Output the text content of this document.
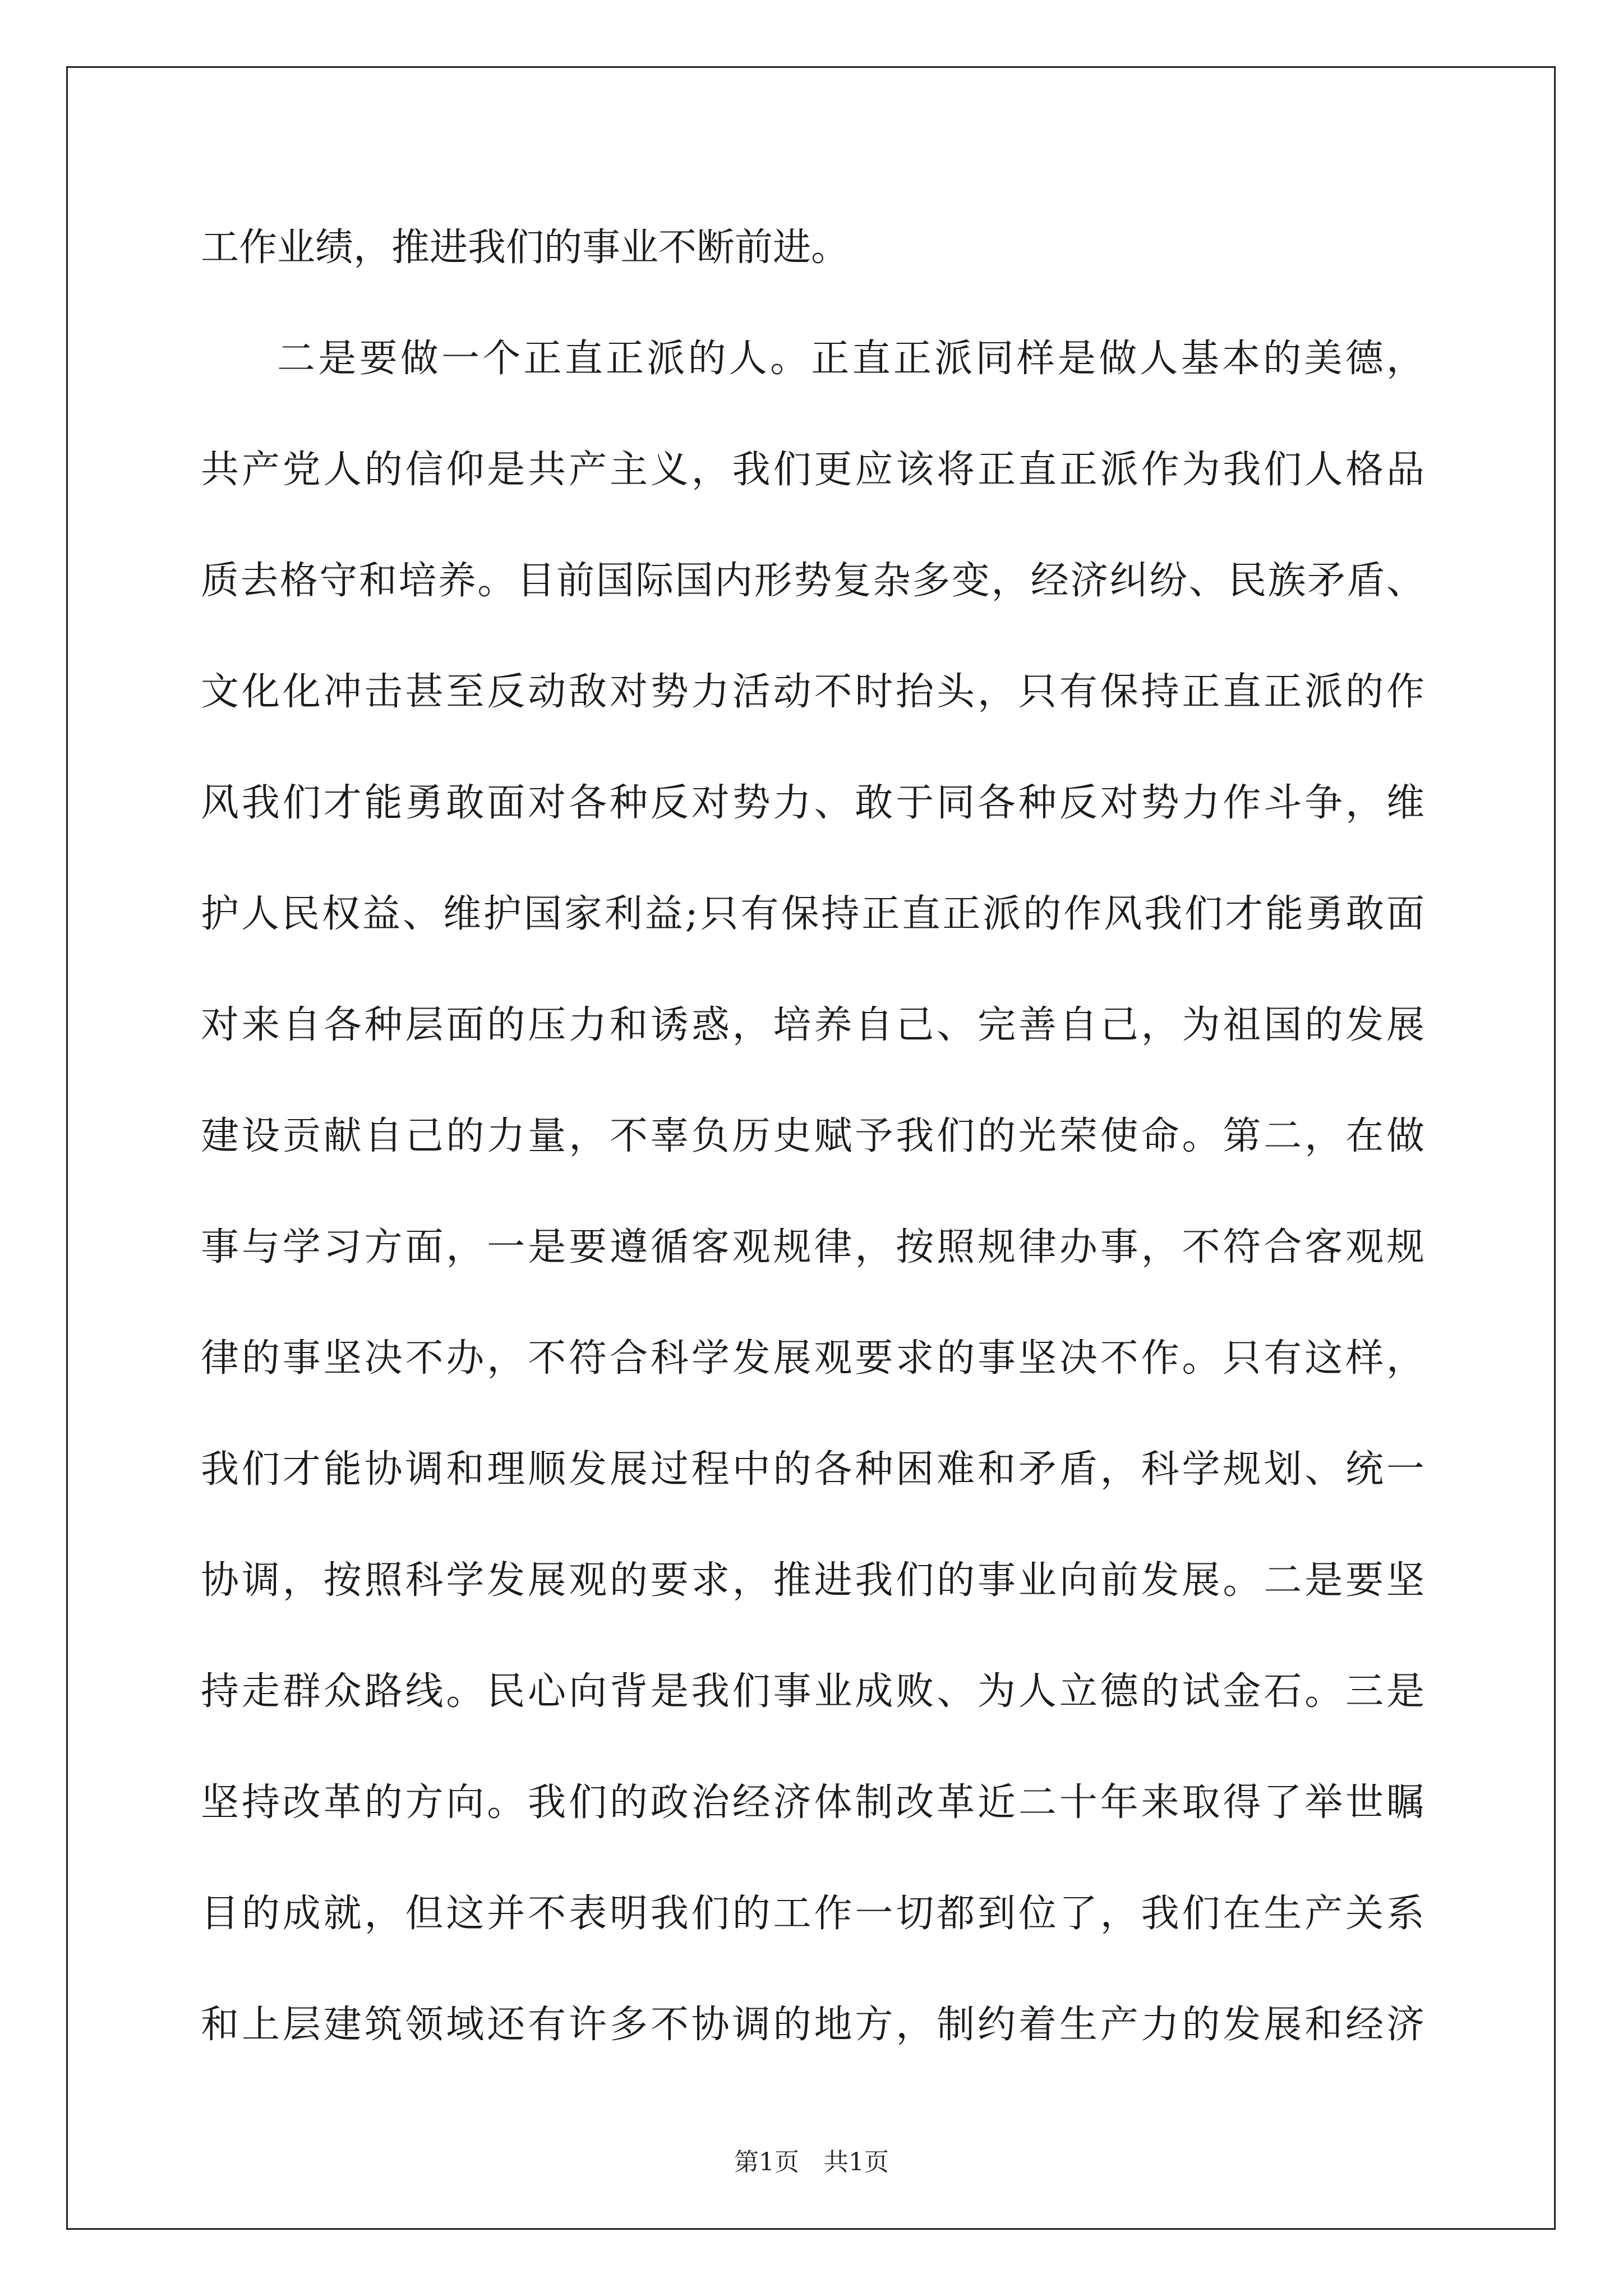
工作业绩，推进我们的事业不断前进。
二是要做一个正直正派的人。正直正派同样是做人基本的美德，
共产党人的信仰是共产主义，我们更应该将正直正派作为我们人格品
质去格守和培养。目前国际国内形势复杂多变，经济纠纷、民族矛盾、
文化化冲击甚至反动敌对势力活动不时抬头，只有保持正直正派的作
风我们才能勇敢面对各种反对势力、敢于同各种反对势力作斗争，维
护人民权益、维护国家利益;只有保持正直正派的作风我们才能勇敢面
对来自各种层面的压力和诱惑，培养自己、完善自己，为祖国的发展
建设贡献自己的力量，不辜负历史赋予我们的光荣使命。第二，在做
事与学习方面，一是要遵循客观规律，按照规律办事，不符合客观规
律的事坚决不办，不符合科学发展观要求的事坚决不作。只有这样，
我们才能协调和理顺发展过程中的各种困难和矛盾，科学规划、统一
协调，按照科学发展观的要求，推进我们的事业向前发展。二是要坚
持走群众路线。民心向背是我们事业成败、为人立德的试金石。三是
坚持改革的方向。我们的政治经济体制改革近二十年来取得了举世瞩
目的成就，但这并不表明我们的工作一切都到位了，我们在生产关系
和上层建筑领域还有许多不协调的地方，制约着生产力的发展和经济
第1页 共1页
